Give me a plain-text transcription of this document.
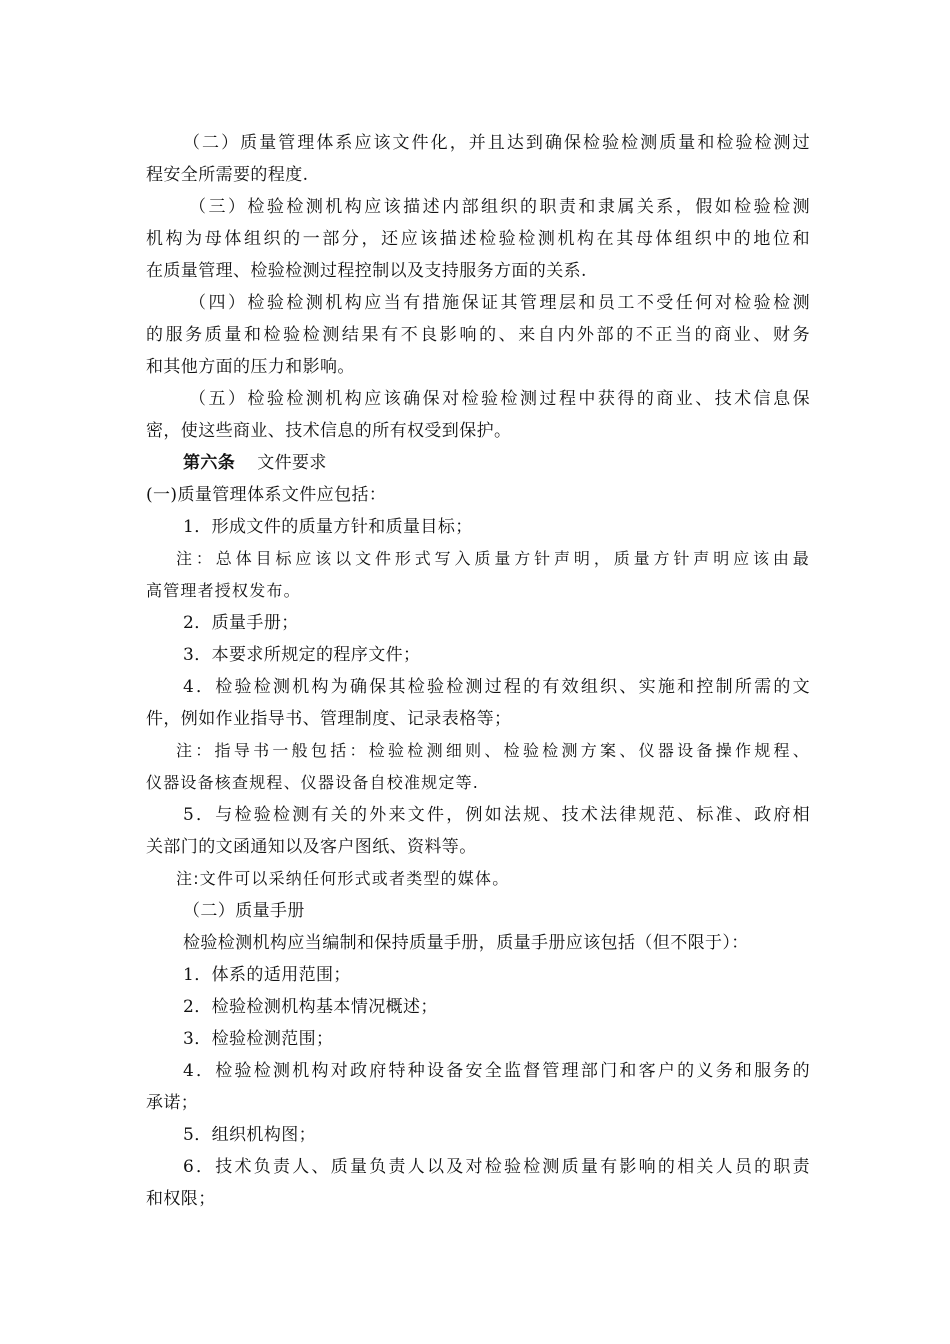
（二）质量管理体系应该文件化，并且达到确保检验检测质量和检验检测过
程安全所需要的程度.
（三）检验检测机构应该描述内部组织的职责和隶属关系，假如检验检测
机构为母体组织的一部分，还应该描述检验检测机构在其母体组织中的地位和
在质量管理、检验检测过程控制以及支持服务方面的关系.
（四）检验检测机构应当有措施保证其管理层和员工不受任何对检验检测
的服务质量和检验检测结果有不良影响的、来自内外部的不正当的商业、财务
和其他方面的压力和影响。
（五）检验检测机构应该确保对检验检测过程中获得的商业、技术信息保
密，使这些商业、技术信息的所有权受到保护。
第六条 文件要求
(一)质量管理体系文件应包括：
1．形成文件的质量方针和质量目标；
注：总体目标应该以文件形式写入质量方针声明，质量方针声明应该由最
高管理者授权发布。
2．质量手册；
3．本要求所规定的程序文件；
4．检验检测机构为确保其检验检测过程的有效组织、实施和控制所需的文
件，例如作业指导书、管理制度、记录表格等；
注：指导书一般包括：检验检测细则、检验检测方案、仪器设备操作规程、
仪器设备核查规程、仪器设备自校准规定等.
5．与检验检测有关的外来文件，例如法规、技术法律规范、标准、政府相
关部门的文函通知以及客户图纸、资料等。
注:文件可以采纳任何形式或者类型的媒体。
（二）质量手册
检验检测机构应当编制和保持质量手册，质量手册应该包括（但不限于）：
1．体系的适用范围；
2．检验检测机构基本情况概述；
3．检验检测范围；
4．检验检测机构对政府特种设备安全监督管理部门和客户的义务和服务的
承诺；
5．组织机构图；
6．技术负责人、质量负责人以及对检验检测质量有影响的相关人员的职责
和权限；
